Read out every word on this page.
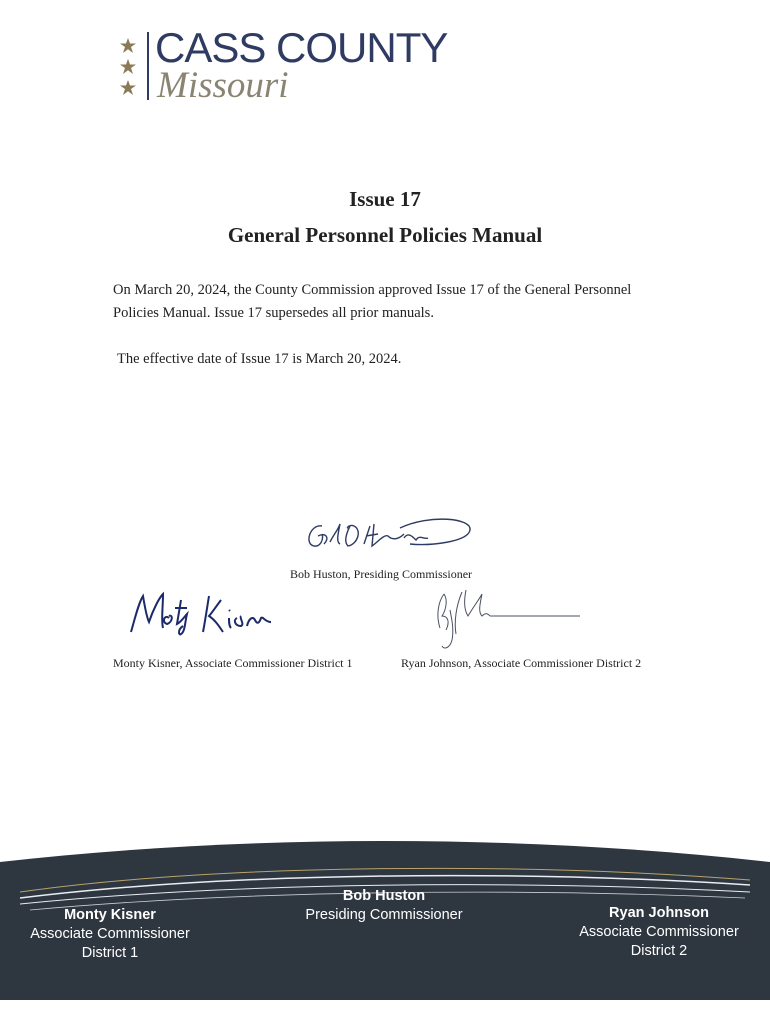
CASS COUNTY
Missouri
Issue 17
General Personnel Policies Manual
On March 20, 2024, the County Commission approved Issue 17 of the General Personnel Policies Manual. Issue 17 supersedes all prior manuals.
The effective date of Issue 17 is March 20, 2024.
Bob Huston, Presiding Commissioner
Monty Kisner, Associate Commissioner District 1	Ryan Johnson, Associate Commissioner District 2
Monty Kisner
Associate Commissioner
District 1
Bob Huston
Presiding Commissioner	Ryan Johnson
Associate Commissioner
District 2
